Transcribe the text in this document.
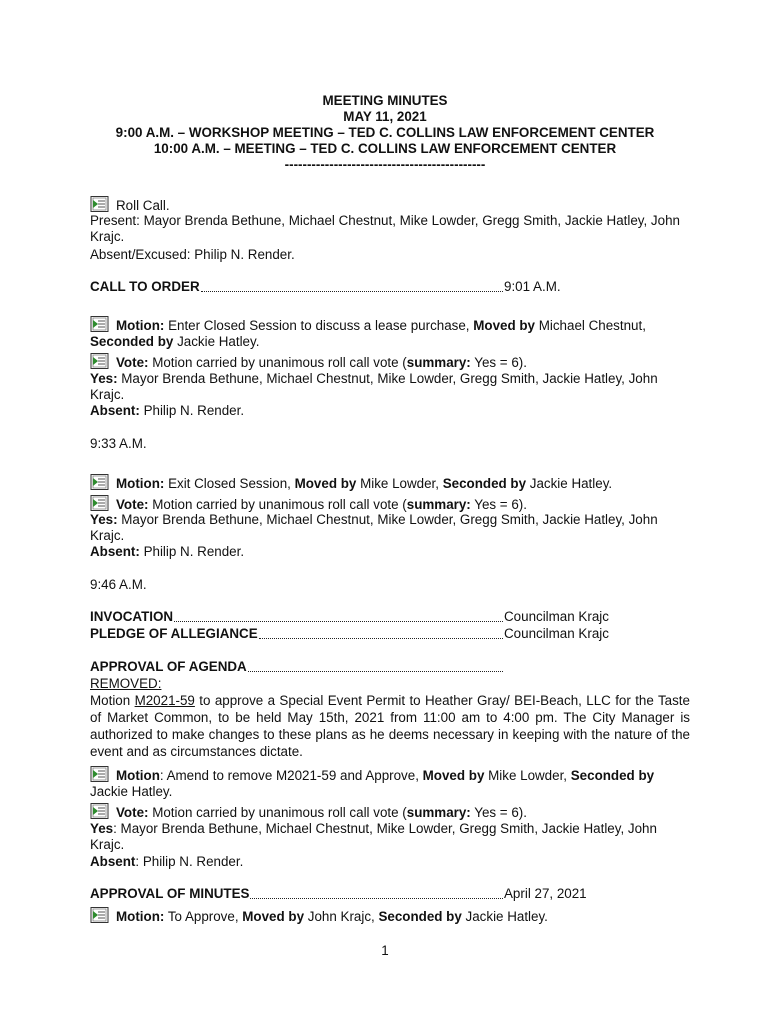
MEETING MINUTES
MAY 11, 2021
9:00 A.M. – WORKSHOP MEETING – TED C. COLLINS LAW ENFORCEMENT CENTER
10:00 A.M. – MEETING – TED C. COLLINS LAW ENFORCEMENT CENTER
---------------------------------------------
Roll Call.
Present: Mayor Brenda Bethune, Michael Chestnut, Mike Lowder, Gregg Smith, Jackie Hatley, John Krajc.
Absent/Excused: Philip N. Render.
CALL TO ORDER	9:01 A.M.
Motion: Enter Closed Session to discuss a lease purchase, Moved by Michael Chestnut, Seconded by Jackie Hatley.
Vote: Motion carried by unanimous roll call vote (summary: Yes = 6).
Yes: Mayor Brenda Bethune, Michael Chestnut, Mike Lowder, Gregg Smith, Jackie Hatley, John Krajc.
Absent: Philip N. Render.
9:33 A.M.
Motion: Exit Closed Session, Moved by Mike Lowder, Seconded by Jackie Hatley.
Vote: Motion carried by unanimous roll call vote (summary: Yes = 6).
Yes: Mayor Brenda Bethune, Michael Chestnut, Mike Lowder, Gregg Smith, Jackie Hatley, John Krajc.
Absent: Philip N. Render.
9:46 A.M.
INVOCATION	Councilman Krajc
PLEDGE OF ALLEGIANCE	Councilman Krajc
APPROVAL OF AGENDA
REMOVED:
Motion M2021-59 to approve a Special Event Permit to Heather Gray/ BEI-Beach, LLC for the Taste of Market Common, to be held May 15th, 2021 from 11:00 am to 4:00 pm. The City Manager is authorized to make changes to these plans as he deems necessary in keeping with the nature of the event and as circumstances dictate.
Motion: Amend to remove M2021-59 and Approve, Moved by Mike Lowder, Seconded by Jackie Hatley.
Vote: Motion carried by unanimous roll call vote (summary: Yes = 6).
Yes: Mayor Brenda Bethune, Michael Chestnut, Mike Lowder, Gregg Smith, Jackie Hatley, John Krajc.
Absent: Philip N. Render.
APPROVAL OF MINUTES	April 27, 2021
Motion: To Approve, Moved by John Krajc, Seconded by Jackie Hatley.
1
